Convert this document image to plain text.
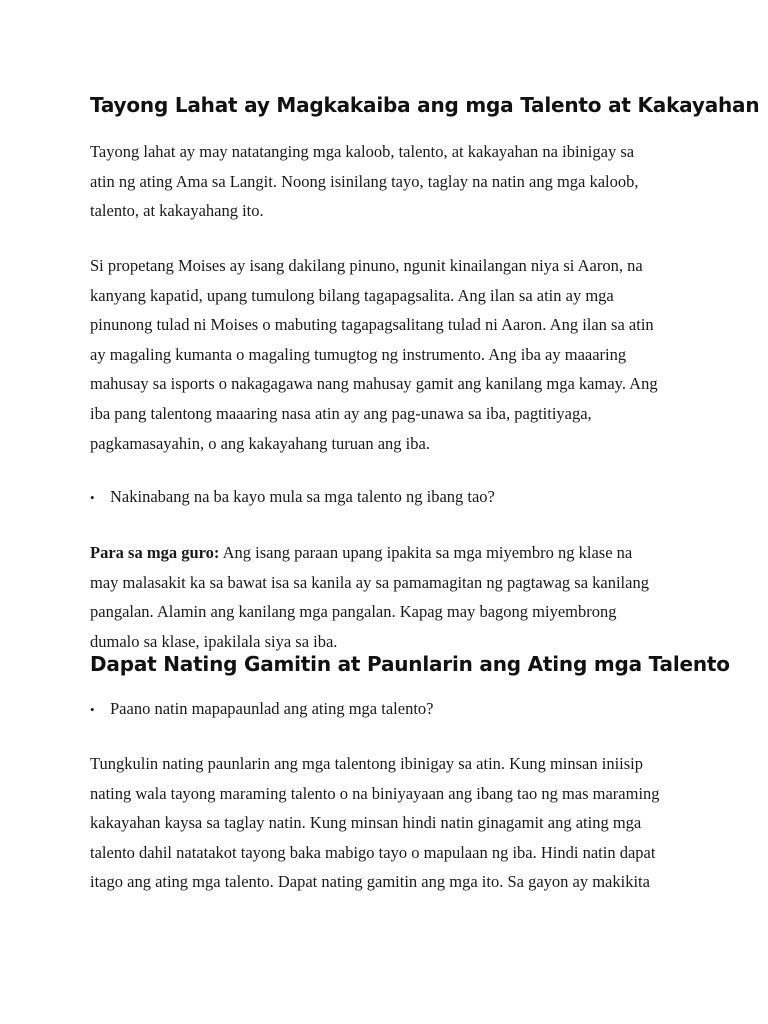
Tayong Lahat ay Magkakaiba ang mga Talento at Kakayahan

Tayong lahat ay may natatanging mga kaloob, talento, at kakayahan na ibinigay sa
atin ng ating Ama sa Langit. Noong isinilang tayo, taglay na natin ang mga kaloob,
talento, at kakayahang ito.

Si propetang Moises ay isang dakilang pinuno, ngunit kinailangan niya si Aaron, na
kanyang kapatid, upang tumulong bilang tagapagsalita. Ang ilan sa atin ay mga
pinunong tulad ni Moises o mabuting tagapagsalitang tulad ni Aaron. Ang ilan sa atin
ay magaling kumanta o magaling tumugtog ng instrumento. Ang iba ay maaaring
mahusay sa isports o nakagagawa nang mahusay gamit ang kanilang mga kamay. Ang
iba pang talentong maaaring nasa atin ay ang pag-unawa sa iba, pagtitiyaga,
pagkamasayahin, o ang kakayahang turuan ang iba.

• Nakinabang na ba kayo mula sa mga talento ng ibang tao?

Para sa mga guro: Ang isang paraan upang ipakita sa mga miyembro ng klase na
may malasakit ka sa bawat isa sa kanila ay sa pamamagitan ng pagtawag sa kanilang
pangalan. Alamin ang kanilang mga pangalan. Kapag may bagong miyembrong
dumalo sa klase, ipakilala siya sa iba.

Dapat Nating Gamitin at Paunlarin ang Ating mga Talento
• Paano natin mapapaunlad ang ating mga talento?

Tungkulin nating paunlarin ang mga talentong ibinigay sa atin. Kung minsan iniisip
nating wala tayong maraming talento o na biniyayaan ang ibang tao ng mas maraming
kakayahan kaysa sa taglay natin. Kung minsan hindi natin ginagamit ang ating mga
talento dahil natatakot tayong baka mabigo tayo o mapulaan ng iba. Hindi natin dapat
itago ang ating mga talento. Dapat nating gamitin ang mga ito. Sa gayon ay makikita
